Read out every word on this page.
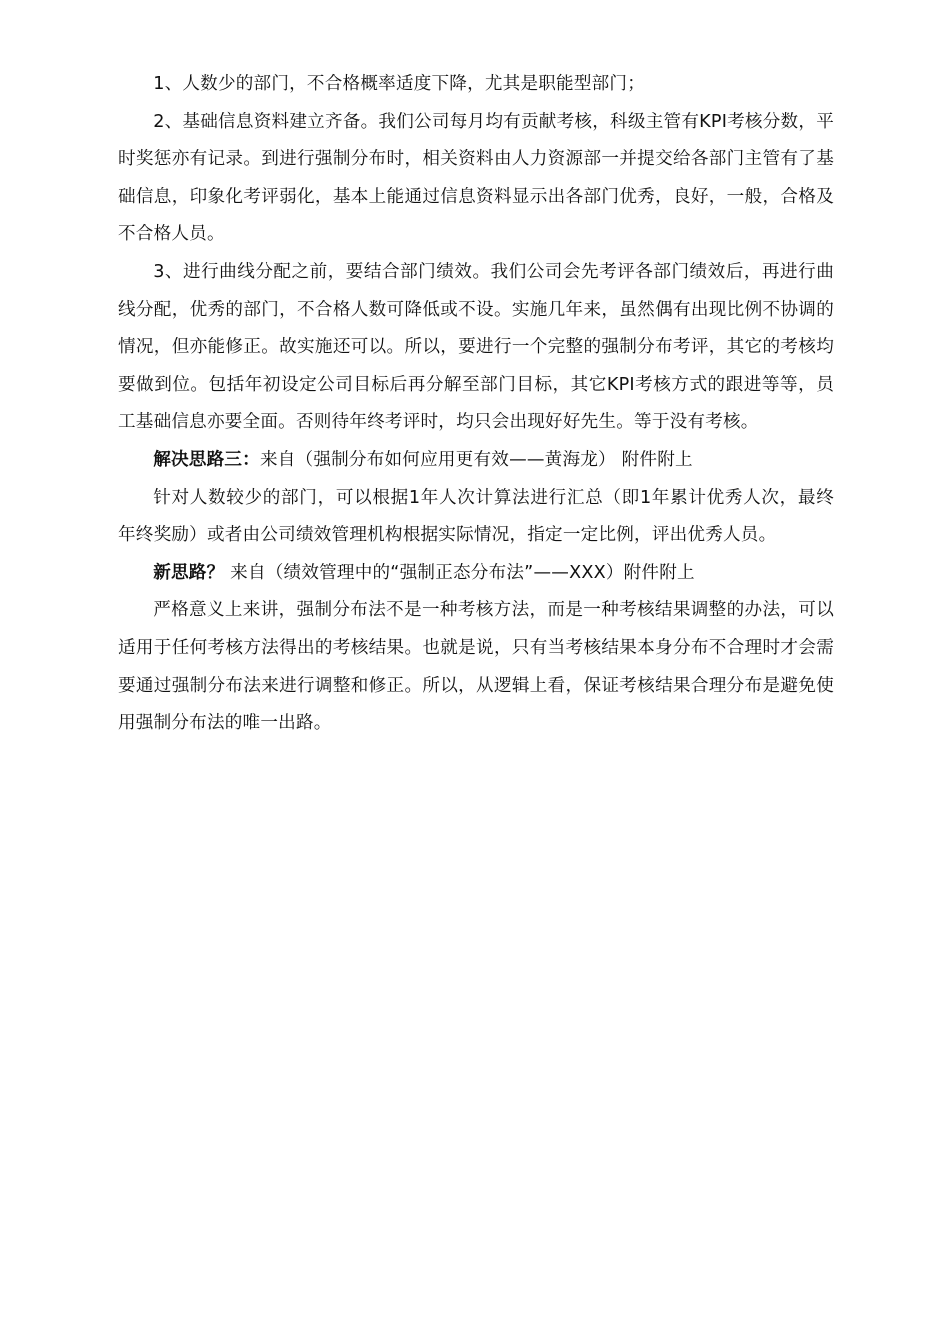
1、人数少的部门，不合格概率适度下降，尤其是职能型部门；

2、基础信息资料建立齐备。我们公司每月均有贡献考核，科级主管有KPI考核分数，平时奖惩亦有记录。到进行强制分布时，相关资料由人力资源部一并提交给各部门主管有了基础信息，印象化考评弱化，基本上能通过信息资料显示出各部门优秀，良好，一般，合格及不合格人员。

3、进行曲线分配之前，要结合部门绩效。我们公司会先考评各部门绩效后，再进行曲线分配，优秀的部门，不合格人数可降低或不设。实施几年来，虽然偶有出现比例不协调的情况，但亦能修正。故实施还可以。所以，要进行一个完整的强制分布考评，其它的考核均要做到位。包括年初设定公司目标后再分解至部门目标，其它KPI考核方式的跟进等等，员工基础信息亦要全面。否则待年终考评时，均只会出现好好先生。等于没有考核。

解决思路三：来自（强制分布如何应用更有效——黄海龙） 附件附上

针对人数较少的部门，可以根据1年人次计算法进行汇总（即1年累计优秀人次，最终年终奖励）或者由公司绩效管理机构根据实际情况，指定一定比例，评出优秀人员。

新思路？ 来自（绩效管理中的“强制正态分布法”——XXX）附件附上

严格意义上来讲，强制分布法不是一种考核方法，而是一种考核结果调整的办法，可以适用于任何考核方法得出的考核结果。也就是说，只有当考核结果本身分布不合理时才会需要通过强制分布法来进行调整和修正。所以，从逻辑上看，保证考核结果合理分布是避免使用强制分布法的唯一出路。
